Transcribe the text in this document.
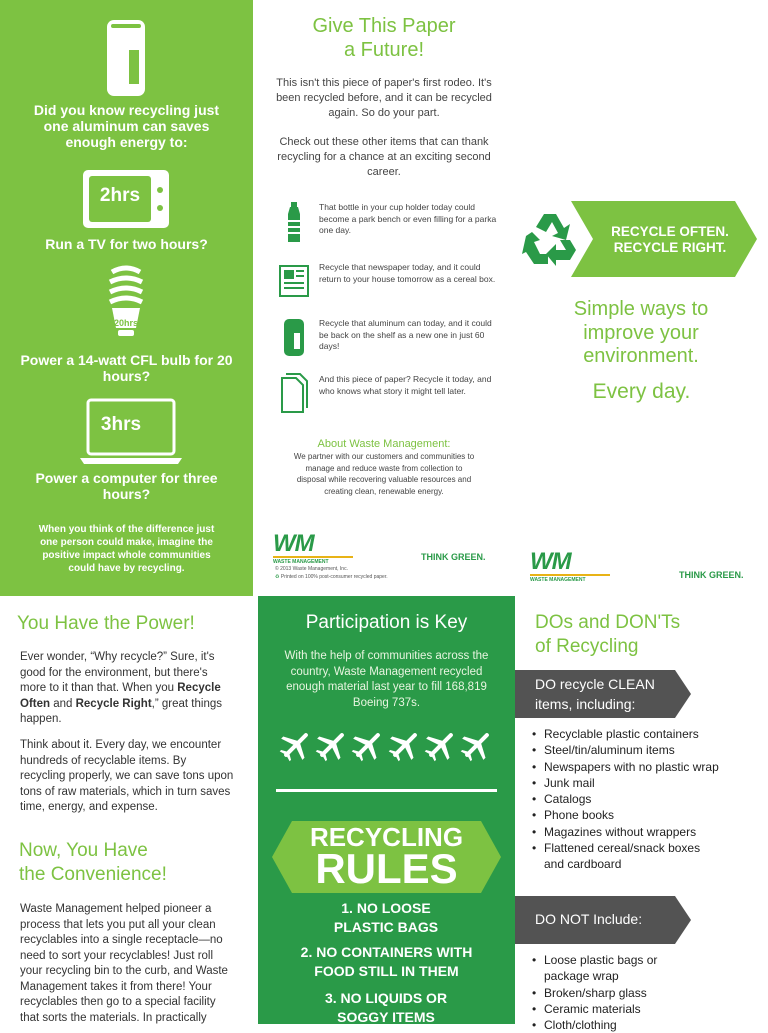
Did you know recycling just one aluminum can saves enough energy to:
2hrs
Run a TV for two hours?
20hrs
Power a 14-watt CFL bulb for 20 hours?
3hrs
Power a computer for three hours?
When you think of the difference just one person could make, imagine the positive impact whole communities could have by recycling.
Give This Paper
a Future!
This isn't this piece of paper's first rodeo. It's been recycled before, and it can be recycled again. So do your part.
Check out these other items that can thank recycling for a chance at an exciting second career.
That bottle in your cup holder today could become a park bench or even filling for a parka one day.
Recycle that newspaper today, and it could return to your house tomorrow as a cereal box.
Recycle that aluminum can today, and it could be back on the shelf as a new one in just 60 days!
And this piece of paper? Recycle it today, and who knows what story it might tell later.
About Waste Management:
We partner with our customers and communities to manage and reduce waste from collection to disposal while recovering valuable resources and creating clean, renewable energy.
WM
WASTE MANAGEMENT	THINK GREEN.
© 2013 Waste Management, Inc.
♻ Printed on 100% post-consumer recycled paper.
RECYCLE OFTEN.
RECYCLE RIGHT.
Simple ways to improve your environment.
Every day.
WM
WASTE MANAGEMENT	THINK GREEN.
You Have the Power!
Ever wonder, “Why recycle?” Sure, it's good for the environment, but there's more to it than that. When you Recycle Often and Recycle Right,” great things happen.
Think about it. Every day, we encounter hundreds of recyclable items. By recycling properly, we can save tons upon tons of raw materials, which in turn saves time, energy, and expense.
Now, You Have
the Convenience!
Waste Management helped pioneer a process that lets you put all your clean recyclables into a single receptacle—no need to sort your recyclables! Just roll your recycling bin to the curb, and Waste Management takes it from there! Your recyclables then go to a special facility that sorts the materials. In practically
Participation is Key
With the help of communities across the country, Waste Management recycled enough material last year to fill 168,819 Boeing 737s.
RECYCLING
RULES
1. NO LOOSE PLASTIC BAGS
2. NO CONTAINERS WITH FOOD STILL IN THEM
3. NO LIQUIDS OR SOGGY ITEMS
DOs and DON'Ts
of Recycling
DO recycle CLEAN items, including:
• Recyclable plastic containers
• Steel/tin/aluminum items
• Newspapers with no plastic wrap
• Junk mail
• Catalogs
• Phone books
• Magazines without wrappers
• Flattened cereal/snack boxes and cardboard
DO NOT Include:
• Loose plastic bags or package wrap
• Broken/sharp glass
• Ceramic materials
• Cloth/clothing
